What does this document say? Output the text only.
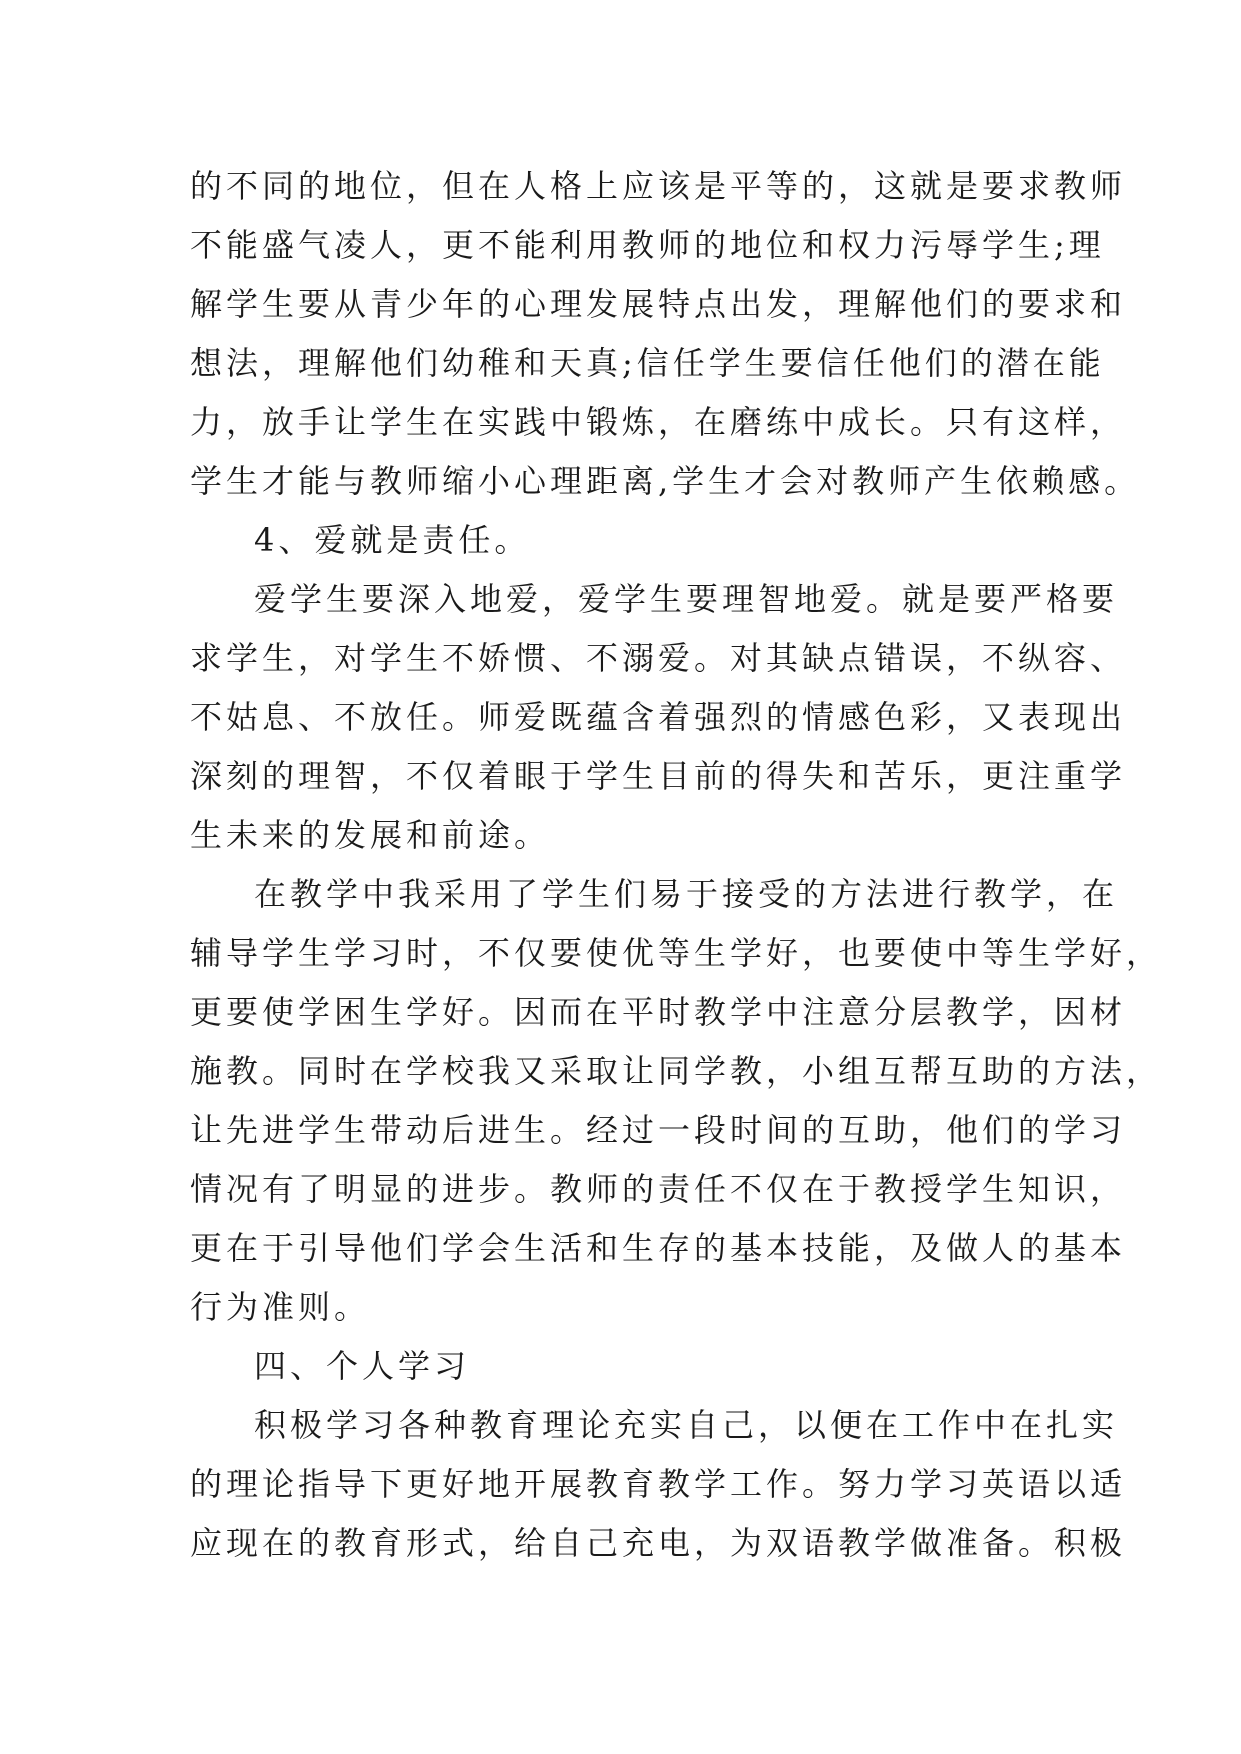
的不同的地位，但在人格上应该是平等的，这就是要求教师
不能盛气凌人，更不能利用教师的地位和权力污辱学生;理
解学生要从青少年的心理发展特点出发，理解他们的要求和
想法，理解他们幼稚和天真;信任学生要信任他们的潜在能
力，放手让学生在实践中锻炼，在磨练中成长。只有这样，
学生才能与教师缩小心理距离,学生才会对教师产生依赖感。
4、爱就是责任。
爱学生要深入地爱，爱学生要理智地爱。就是要严格要
求学生，对学生不娇惯、不溺爱。对其缺点错误，不纵容、
不姑息、不放任。师爱既蕴含着强烈的情感色彩，又表现出
深刻的理智，不仅着眼于学生目前的得失和苦乐，更注重学
生未来的发展和前途。
在教学中我采用了学生们易于接受的方法进行教学，在
辅导学生学习时，不仅要使优等生学好，也要使中等生学好，
更要使学困生学好。因而在平时教学中注意分层教学，因材
施教。同时在学校我又采取让同学教，小组互帮互助的方法，
让先进学生带动后进生。经过一段时间的互助，他们的学习
情况有了明显的进步。教师的责任不仅在于教授学生知识，
更在于引导他们学会生活和生存的基本技能，及做人的基本
行为准则。
四、个人学习
积极学习各种教育理论充实自己，以便在工作中在扎实
的理论指导下更好地开展教育教学工作。努力学习英语以适
应现在的教育形式，给自己充电，为双语教学做准备。积极
